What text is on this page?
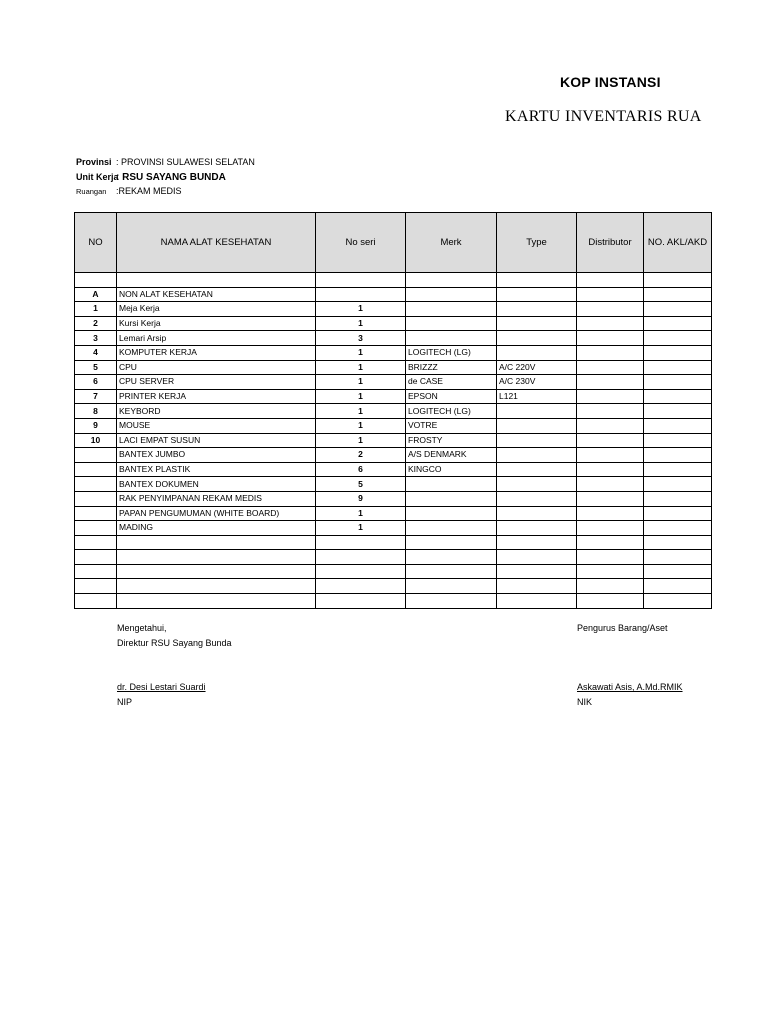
KOP INSTANSI
KARTU INVENTARIS RUA
Provinsi : PROVINSI SULAWESI SELATAN
Unit Kerja: RSU SAYANG BUNDA
Ruangan :REKAM MEDIS
NO	NAMA ALAT KESEHATAN	No seri	Merk	Type	Distributor	NO. AKL/AKD

A	NON ALAT KESEHATAN					
1	Meja Kerja	1				
2	Kursi Kerja	1				
3	Lemari Arsip	3				
4	KOMPUTER KERJA	1	LOGITECH (LG)			
5	CPU	1	BRIZZZ	A/C 220V		
6	CPU SERVER	1	de CASE	A/C 230V		
7	PRINTER KERJA	1	EPSON	L121		
8	KEYBORD	1	LOGITECH (LG)			
9	MOUSE	1	VOTRE			
10	LACI EMPAT SUSUN	1	FROSTY			
	BANTEX JUMBO	2	A/S DENMARK			
	BANTEX PLASTIK	6	KINGCO			
	BANTEX DOKUMEN	5				
	RAK PENYIMPANAN REKAM MEDIS	9				
	PAPAN PENGUMUMAN (WHITE BOARD)	1				
	MADING	1				

Mengetahui,
Direktur RSU Sayang Bunda
dr. Desi Lestari Suardi
NIP
Pengurus Barang/Aset
Askawati Asis, A.Md.RMIK
NIK
